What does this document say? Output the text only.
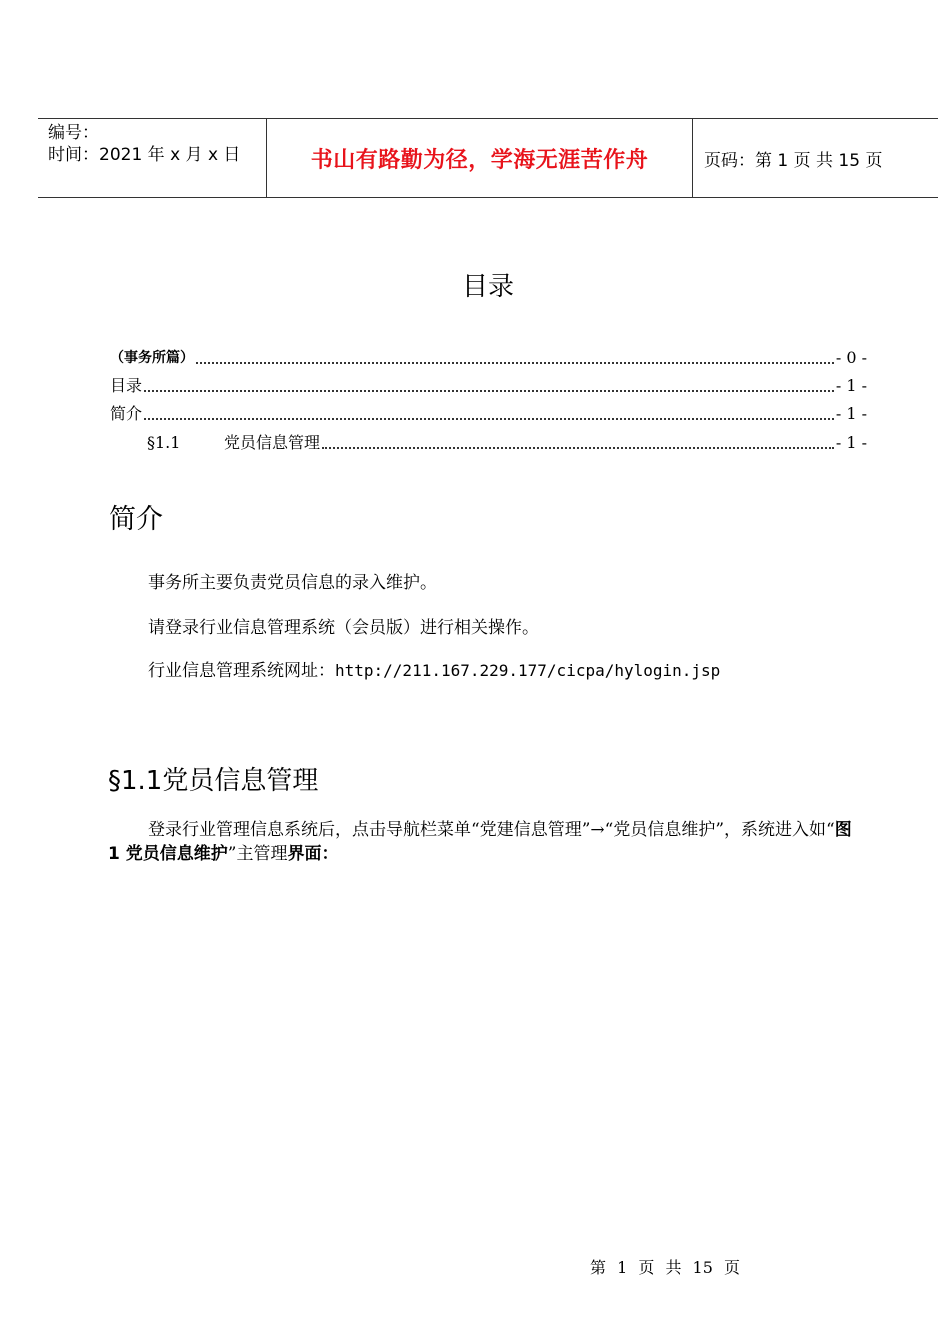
编号：
时间：2021 年 x 月 x 日	书山有路勤为径，学海无涯苦作舟	页码：第 1 页 共 15 页
目录
（事务所篇）	- 0 -
目录	- 1 -
简介	- 1 -
§1.1	党员信息管理	- 1 -
简介
事务所主要负责党员信息的录入维护。
请登录行业信息管理系统（会员版）进行相关操作。
行业信息管理系统网址：http://211.167.229.177/cicpa/hylogin.jsp
§1.1党员信息管理
登录行业管理信息系统后，点击导航栏菜单“党建信息管理”→“党员信息维护”，系统进入如“图 1 党员信息维护”主管理界面：
第 1 页 共 15 页
